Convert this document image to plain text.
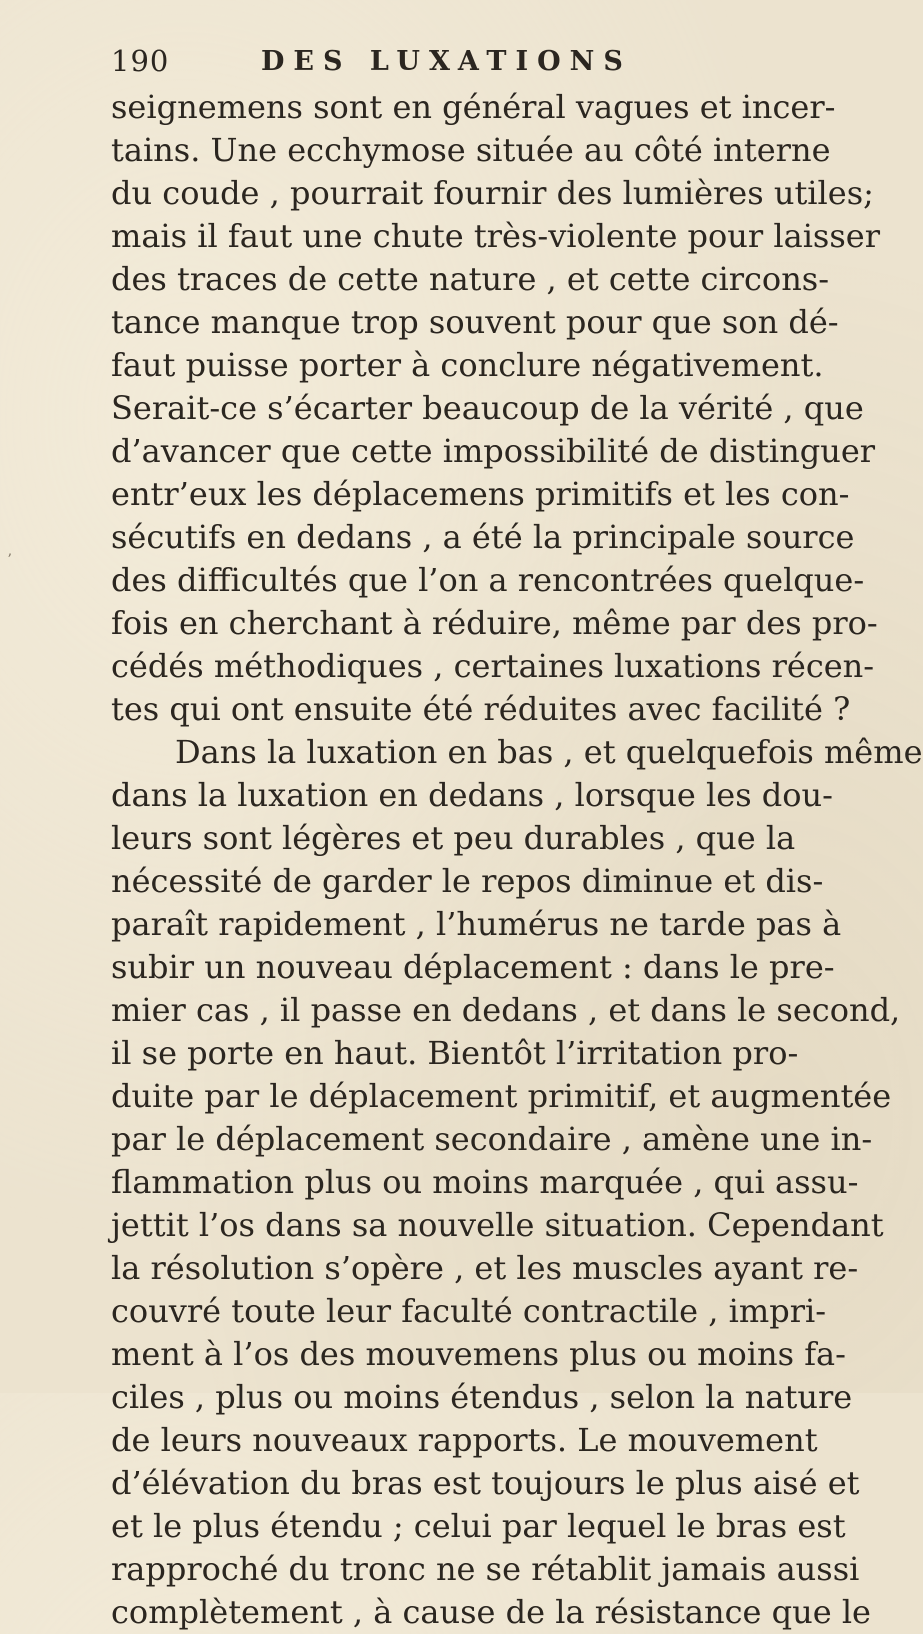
190	DES LUXATIONS
ʼ
seignemens sont en général vagues et incer-
tains. Une ecchymose située au côté interne
du coude , pourrait fournir des lumières utiles;
mais il faut une chute très-violente pour laisser
des traces de cette nature , et cette circons-
tance manque trop souvent pour que son dé-
faut puisse porter à conclure négativement.
Serait-ce s’écarter beaucoup de la vérité , que
d’avancer que cette impossibilité de distinguer
entr’eux les déplacemens primitifs et les con-
sécutifs en dedans , a été la principale source
des difficultés que l’on a rencontrées quelque-
fois en cherchant à réduire, même par des pro-
cédés méthodiques , certaines luxations récen-
tes qui ont ensuite été réduites avec facilité ?
Dans la luxation en bas , et quelquefois même
dans la luxation en dedans , lorsque les dou-
leurs sont légères et peu durables , que la
nécessité de garder le repos diminue et dis-
paraît rapidement , l’humérus ne tarde pas à
subir un nouveau déplacement : dans le pre-
mier cas , il passe en dedans , et dans le second,
il se porte en haut. Bientôt l’irritation pro-
duite par le déplacement primitif, et augmentée
par le déplacement secondaire , amène une in-
flammation plus ou moins marquée , qui assu-
jettit l’os dans sa nouvelle situation. Cependant
la résolution s’opère , et les muscles ayant re-
couvré toute leur faculté contractile , impri-
ment à l’os des mouvemens plus ou moins fa-
ciles , plus ou moins étendus , selon la nature
de leurs nouveaux rapports. Le mouvement
d’élévation du bras est toujours le plus aisé et
et le plus étendu ; celui par lequel le bras est
rapproché du tronc ne se rétablit jamais aussi
complètement , à cause de la résistance que le
